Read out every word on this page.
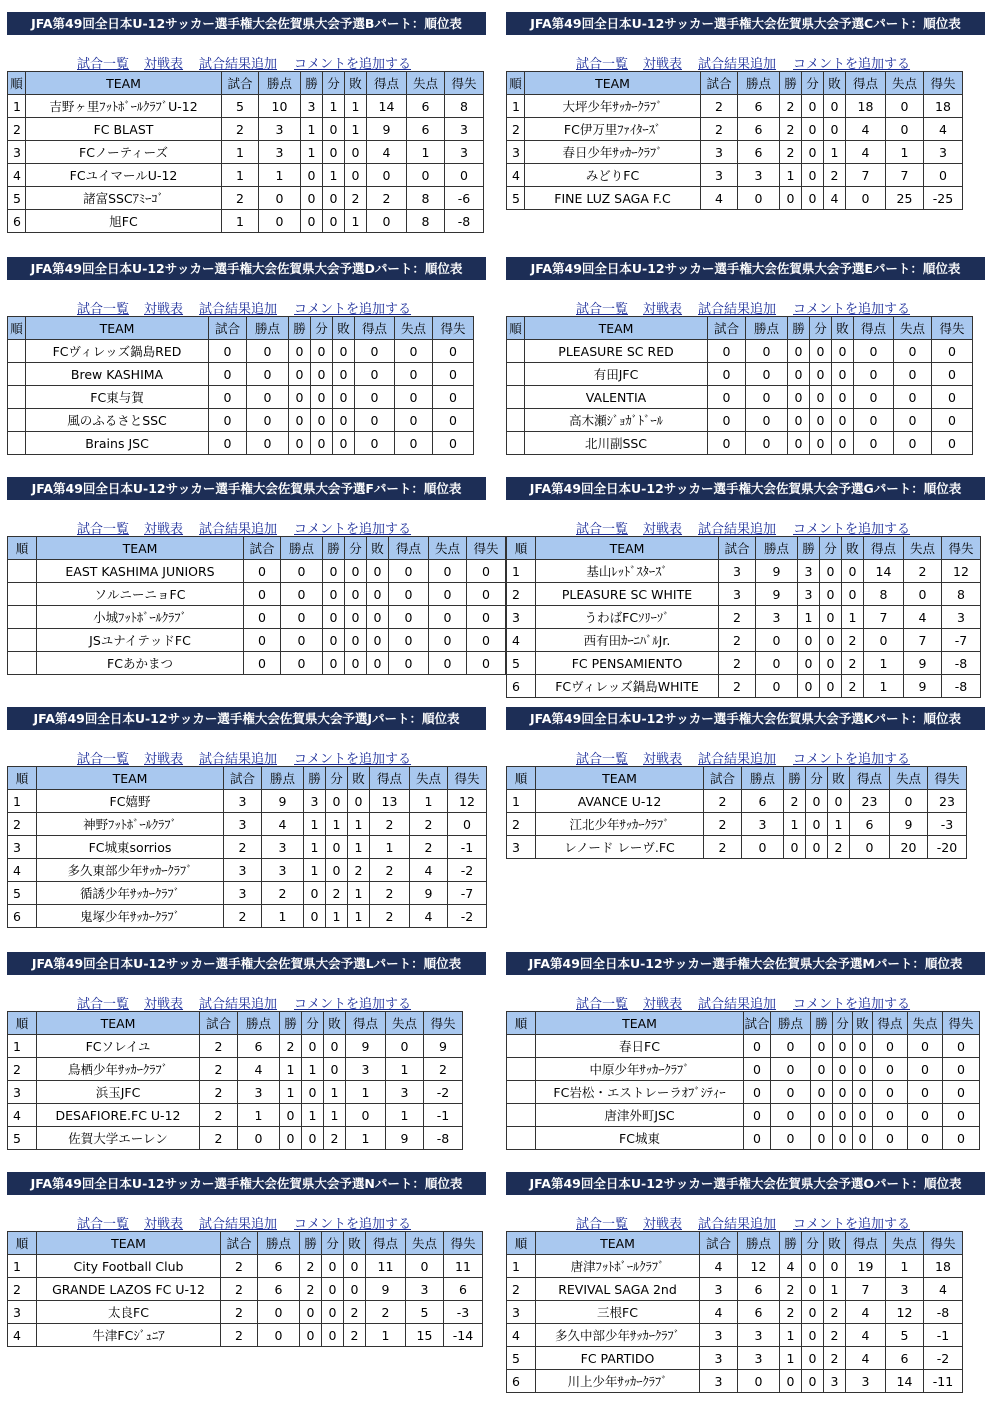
JFA第49回全日本U-12サッカー選手権大会佐賀県大会予選Bパート：順位表
試合一覧 対戦表 試合結果追加 コメントを追加する
順	TEAM	試合	勝点	勝	分	敗	得点	失点	得失
1	吉野ヶ里ﾌｯﾄﾎﾞｰﾙｸﾗﾌﾞU-12	5	10	3	1	1	14	6	8
2	FC BLAST	2	3	1	0	1	9	6	3
3	FCノーティーズ	1	3	1	0	0	4	1	3
4	FCユイマールU-12	1	1	0	1	0	0	0	0
5	諸富SSCｱﾐｰｺﾞ	2	0	0	0	2	2	8	-6
6	旭FC	1	0	0	0	1	0	8	-8
JFA第49回全日本U-12サッカー選手権大会佐賀県大会予選Cパート：順位表
試合一覧 対戦表 試合結果追加 コメントを追加する
順	TEAM	試合	勝点	勝	分	敗	得点	失点	得失
1	大坪少年ｻｯｶｰｸﾗﾌﾞ	2	6	2	0	0	18	0	18
2	FC伊万里ﾌｧｲﾀｰｽﾞ	2	6	2	0	0	4	0	4
3	春日少年ｻｯｶｰｸﾗﾌﾞ	3	6	2	0	1	4	1	3
4	みどりFC	3	3	1	0	2	7	7	0
5	FINE LUZ SAGA F.C	4	0	0	0	4	0	25	-25
JFA第49回全日本U-12サッカー選手権大会佐賀県大会予選Dパート：順位表
試合一覧 対戦表 試合結果追加 コメントを追加する
順	TEAM	試合	勝点	勝	分	敗	得点	失点	得失
	FCヴィレッズ鍋島RED	0	0	0	0	0	0	0	0
	Brew KASHIMA	0	0	0	0	0	0	0	0
	FC東与賀	0	0	0	0	0	0	0	0
	風のふるさとSSC	0	0	0	0	0	0	0	0
	Brains JSC	0	0	0	0	0	0	0	0
JFA第49回全日本U-12サッカー選手権大会佐賀県大会予選Eパート：順位表
試合一覧 対戦表 試合結果追加 コメントを追加する
順	TEAM	試合	勝点	勝	分	敗	得点	失点	得失
	PLEASURE SC RED	0	0	0	0	0	0	0	0
	有田JFC	0	0	0	0	0	0	0	0
	VALENTIA	0	0	0	0	0	0	0	0
	高木瀬ｼﾞｮｶﾞﾄﾞｰﾙ	0	0	0	0	0	0	0	0
	北川副SSC	0	0	0	0	0	0	0	0
JFA第49回全日本U-12サッカー選手権大会佐賀県大会予選Fパート：順位表
試合一覧 対戦表 試合結果追加 コメントを追加する
順	TEAM	試合	勝点	勝	分	敗	得点	失点	得失
	EAST KASHIMA JUNIORS	0	0	0	0	0	0	0	0
	ソルニーニョFC	0	0	0	0	0	0	0	0
	小城ﾌｯﾄﾎﾞｰﾙｸﾗﾌﾞ	0	0	0	0	0	0	0	0
	JSユナイテッドFC	0	0	0	0	0	0	0	0
	FCあかまつ	0	0	0	0	0	0	0	0
JFA第49回全日本U-12サッカー選手権大会佐賀県大会予選Gパート：順位表
試合一覧 対戦表 試合結果追加 コメントを追加する
順	TEAM	試合	勝点	勝	分	敗	得点	失点	得失
1	基山ﾚｯﾄﾞｽﾀｰｽﾞ	3	9	3	0	0	14	2	12
2	PLEASURE SC WHITE	3	9	3	0	0	8	0	8
3	うわばFCｿﾘｰｿﾞ	2	3	1	0	1	7	4	3
4	西有田ｶｰﾆﾊﾞﾙJr.	2	0	0	0	2	0	7	-7
5	FC PENSAMIENTO	2	0	0	0	2	1	9	-8
6	FCヴィレッズ鍋島WHITE	2	0	0	0	2	1	9	-8
JFA第49回全日本U-12サッカー選手権大会佐賀県大会予選Jパート：順位表
試合一覧 対戦表 試合結果追加 コメントを追加する
順	TEAM	試合	勝点	勝	分	敗	得点	失点	得失
1	FC嬉野	3	9	3	0	0	13	1	12
2	神野ﾌｯﾄﾎﾞｰﾙｸﾗﾌﾞ	3	4	1	1	1	2	2	0
3	FC城東sorrios	2	3	1	0	1	1	2	-1
4	多久東部少年ｻｯｶｰｸﾗﾌﾞ	3	3	1	0	2	2	4	-2
5	循誘少年ｻｯｶｰｸﾗﾌﾞ	3	2	0	2	1	2	9	-7
6	鬼塚少年ｻｯｶｰｸﾗﾌﾞ	2	1	0	1	1	2	4	-2
JFA第49回全日本U-12サッカー選手権大会佐賀県大会予選Kパート：順位表
試合一覧 対戦表 試合結果追加 コメントを追加する
順	TEAM	試合	勝点	勝	分	敗	得点	失点	得失
1	AVANCE U-12	2	6	2	0	0	23	0	23
2	江北少年ｻｯｶｰｸﾗﾌﾞ	2	3	1	0	1	6	9	-3
3	レノード レーヴ.FC	2	0	0	0	2	0	20	-20
JFA第49回全日本U-12サッカー選手権大会佐賀県大会予選Lパート：順位表
試合一覧 対戦表 試合結果追加 コメントを追加する
順	TEAM	試合	勝点	勝	分	敗	得点	失点	得失
1	FCソレイユ	2	6	2	0	0	9	0	9
2	鳥栖少年ｻｯｶｰｸﾗﾌﾞ	2	4	1	1	0	3	1	2
3	浜玉JFC	2	3	1	0	1	1	3	-2
4	DESAFIORE.FC U-12	2	1	0	1	1	0	1	-1
5	佐賀大学エーレン	2	0	0	0	2	1	9	-8
JFA第49回全日本U-12サッカー選手権大会佐賀県大会予選Mパート：順位表
試合一覧 対戦表 試合結果追加 コメントを追加する
順	TEAM	試合	勝点	勝	分	敗	得点	失点	得失
	春日FC	0	0	0	0	0	0	0	0
	中原少年ｻｯｶｰｸﾗﾌﾞ	0	0	0	0	0	0	0	0
	FC岩松・エストレーラｵﾌﾞｼﾃｨｰ	0	0	0	0	0	0	0	0
	唐津外町JSC	0	0	0	0	0	0	0	0
	FC城東	0	0	0	0	0	0	0	0
JFA第49回全日本U-12サッカー選手権大会佐賀県大会予選Nパート：順位表
試合一覧 対戦表 試合結果追加 コメントを追加する
順	TEAM	試合	勝点	勝	分	敗	得点	失点	得失
1	City Football Club	2	6	2	0	0	11	0	11
2	GRANDE LAZOS FC U-12	2	6	2	0	0	9	3	6
3	太良FC	2	0	0	0	2	2	5	-3
4	牛津FCｼﾞｭﾆｱ	2	0	0	0	2	1	15	-14
JFA第49回全日本U-12サッカー選手権大会佐賀県大会予選Oパート：順位表
試合一覧 対戦表 試合結果追加 コメントを追加する
順	TEAM	試合	勝点	勝	分	敗	得点	失点	得失
1	唐津ﾌｯﾄﾎﾞｰﾙｸﾗﾌﾞ	4	12	4	0	0	19	1	18
2	REVIVAL SAGA 2nd	3	6	2	0	1	7	3	4
3	三根FC	4	6	2	0	2	4	12	-8
4	多久中部少年ｻｯｶｰｸﾗﾌﾞ	3	3	1	0	2	4	5	-1
5	FC PARTIDO	3	3	1	0	2	4	6	-2
6	川上少年ｻｯｶｰｸﾗﾌﾞ	3	0	0	0	3	3	14	-11
